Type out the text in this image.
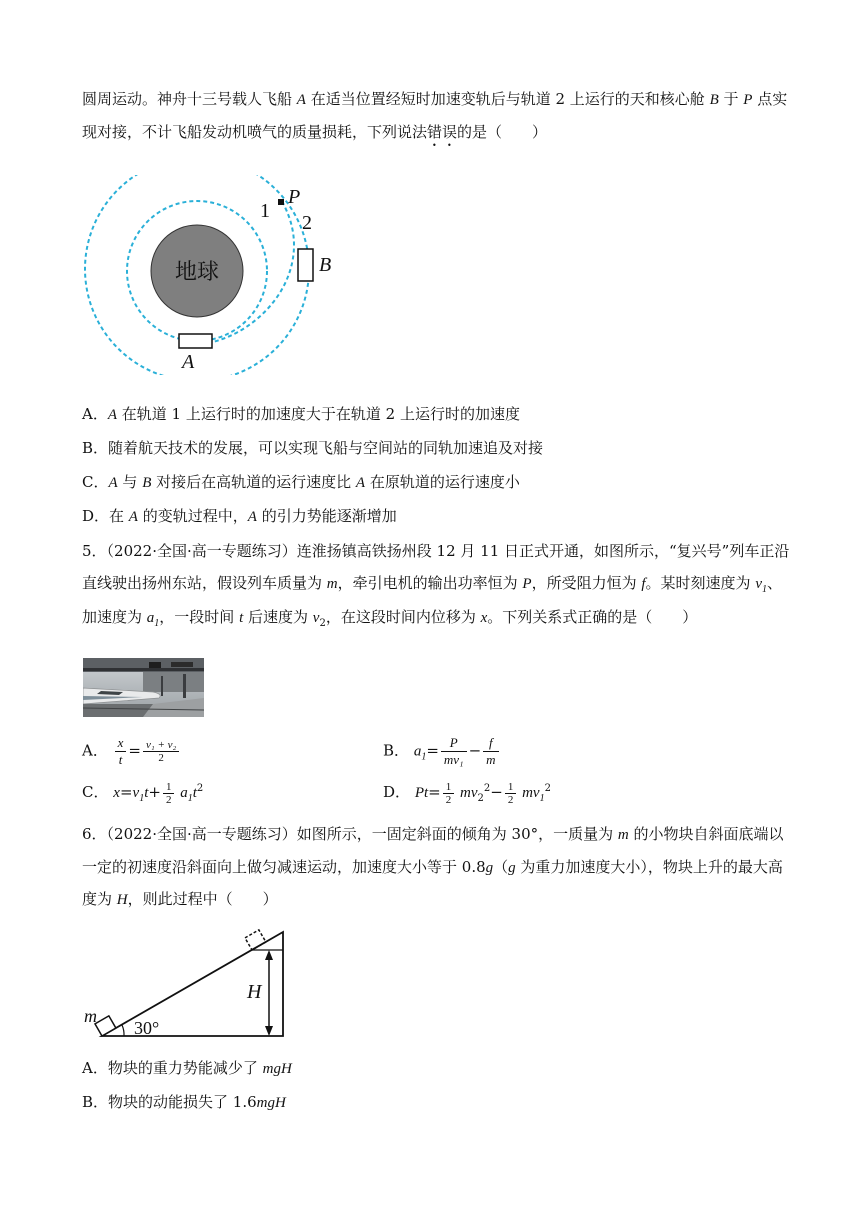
圆周运动。神舟十三号载人飞船 A 在适当位置经短时加速变轨后与轨道 2 上运行的天和核心舱 B 于 P 点实
现对接，不计飞船发动机喷气的质量损耗，下列说法错误的是（　　）
地球
P
2
1
B
A
A．A 在轨道 1 上运行时的加速度大于在轨道 2 上运行时的加速度
B．随着航天技术的发展，可以实现飞船与空间站的同轨加速追及对接
C．A 与 B 对接后在高轨道的运行速度比 A 在原轨道的运行速度小
D．在 A 的变轨过程中，A 的引力势能逐渐增加
5．（2022·全国·高一专题练习）连淮扬镇高铁扬州段 12 月 11 日正式开通，如图所示，“复兴号”列车正沿
直线驶出扬州东站，假设列车质量为 m，牵引电机的输出功率恒为 P，所受阻力恒为 f。某时刻速度为 $v_1$、
加速度为 $a_1$，一段时间 t 后速度为 $v_2$，在这段时间内位移为 x。下列关系式正确的是（　　）
A． $\frac{x}{t} = \frac{\text{v₁ + v₂}}{2}$	B． $a_1= \frac{P}{\text{mv₁}} - \frac{f}{m}$
C． $x=v_1t+ \frac{1}{2} a_1t^2$	D． $Pt= \frac{1}{2} mv_2^2- \frac{1}{2} mv_1^2$
6．（2022·全国·高一专题练习）如图所示，一固定斜面的倾角为 30°，一质量为 m 的小物块自斜面底端以
一定的初速度沿斜面向上做匀减速运动，加速度大小等于 0.8g（g 为重力加速度大小），物块上升的最大高
度为 H，则此过程中（　　）
30°
m
H
A．物块的重力势能减少了 mgH
B．物块的动能损失了 1.6mgH
